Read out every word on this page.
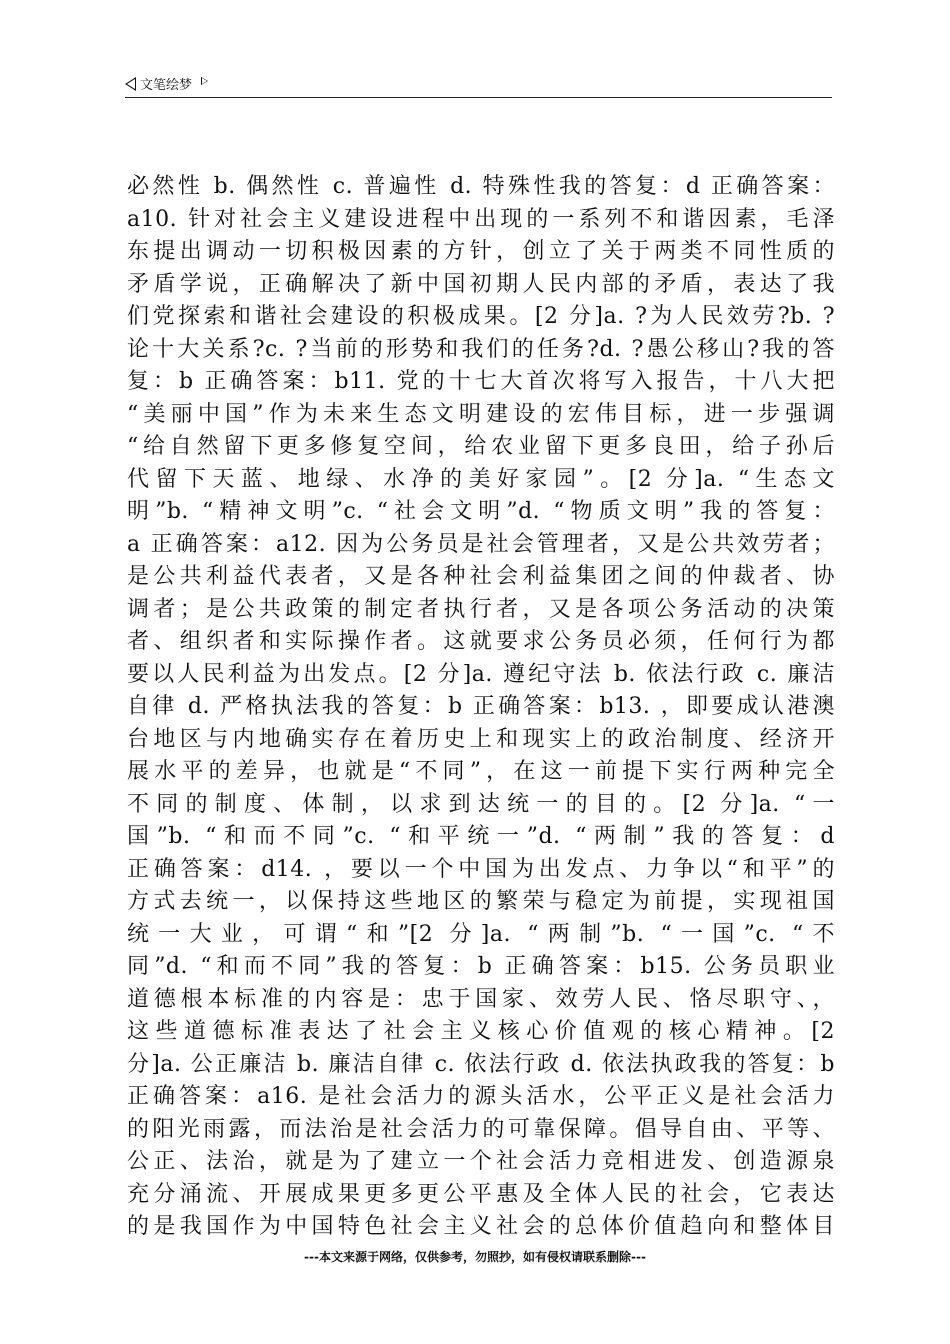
文笔绘梦
必然性 b. 偶然性 c. 普遍性 d. 特殊性我的答复：d 正确答案：
a10. 针对社会主义建设进程中出现的一系列不和谐因素，毛泽
东提出调动一切积极因素的方针，创立了关于两类不同性质的
矛盾学说，正确解决了新中国初期人民内部的矛盾，表达了我
们党探索和谐社会建设的积极成果。[2 分]a. ?为人民效劳?b. ?
论十大关系?c. ?当前的形势和我们的任务?d. ?愚公移山?我的答
复：b 正确答案：b11. 党的十七大首次将写入报告，十八大把
“美丽中国”作为未来生态文明建设的宏伟目标，进一步强调
“给自然留下更多修复空间，给农业留下更多良田，给子孙后
代留下天蓝、地绿、水净的美好家园”。[2 分]a. “生态文
明”b. “精神文明”c. “社会文明”d. “物质文明”我的答复：
a 正确答案：a12. 因为公务员是社会管理者，又是公共效劳者；
是公共利益代表者，又是各种社会利益集团之间的仲裁者、协
调者；是公共政策的制定者执行者，又是各项公务活动的决策
者、组织者和实际操作者。这就要求公务员必须，任何行为都
要以人民利益为出发点。[2 分]a. 遵纪守法 b. 依法行政 c. 廉洁
自律 d. 严格执法我的答复：b 正确答案：b13. ，即要成认港澳
台地区与内地确实存在着历史上和现实上的政治制度、经济开
展水平的差异，也就是“不同”，在这一前提下实行两种完全
不同的制度、体制，以求到达统一的目的。[2 分]a. “一
国”b. “和而不同”c. “和平统一”d. “两制”我的答复：d
正确答案：d14. ，要以一个中国为出发点、力争以“和平”的
方式去统一，以保持这些地区的繁荣与稳定为前提，实现祖国
统一大业，可谓“和”[2 分]a. “两制”b. “一国”c. “不
同”d. “和而不同”我的答复：b 正确答案：b15. 公务员职业
道德根本标准的内容是：忠于国家、效劳人民、恪尽职守、，
这些道德标准表达了社会主义核心价值观的核心精神。[2
分]a. 公正廉洁 b. 廉洁自律 c. 依法行政 d. 依法执政我的答复：b
正确答案：a16. 是社会活力的源头活水，公平正义是社会活力
的阳光雨露，而法治是社会活力的可靠保障。倡导自由、平等、
公正、法治，就是为了建立一个社会活力竞相进发、创造源泉
充分涌流、开展成果更多更公平惠及全体人民的社会，它表达
的是我国作为中国特色社会主义社会的总体价值趋向和整体目
---本文来源于网络，仅供参考，勿照抄，如有侵权请联系删除---
